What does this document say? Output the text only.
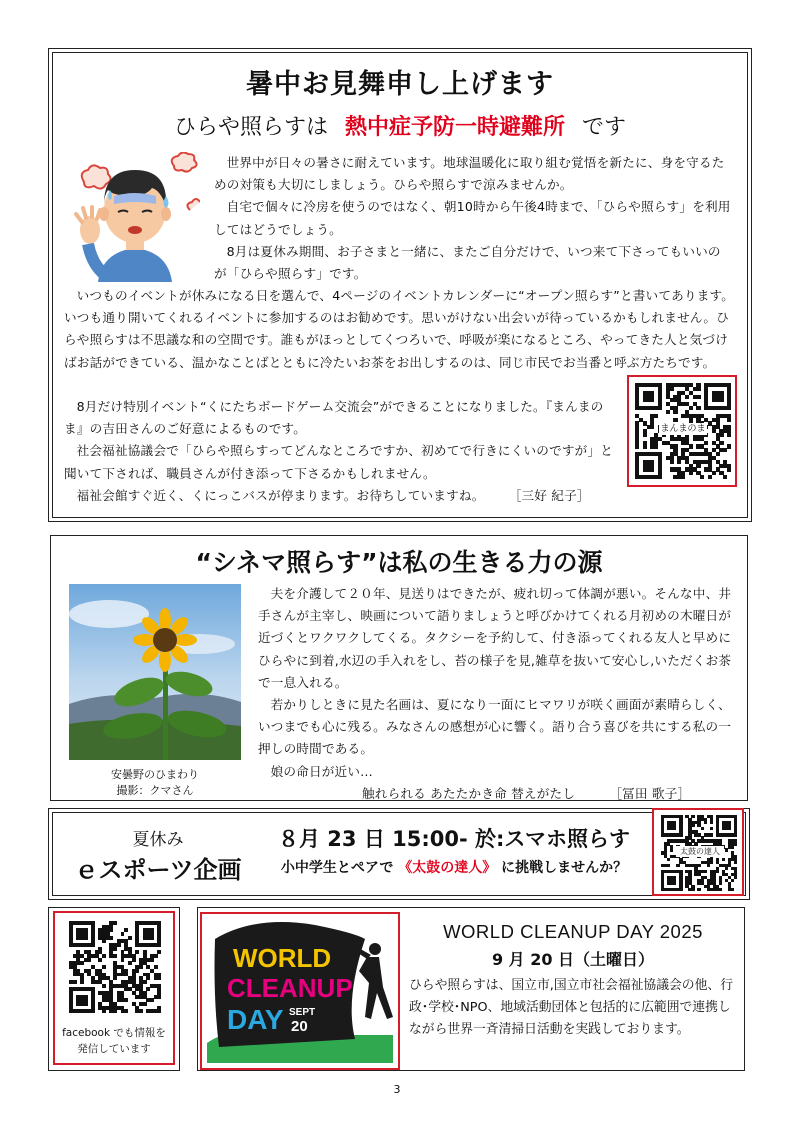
暑中お見舞申し上げます
ひらや照らすは 熱中症予防一時避難所 です

世界中が日々の暑さに耐えています。地球温暖化に取り組む覚悟を新たに、身を守るための対策も大切にしましょう。ひらや照らすで涼みませんか。

自宅で個々に冷房を使うのではなく、朝10時から午後4時まで、「ひらや照らす」を利用してはどうでしょう。

8月は夏休み期間、お子さまと一緒に、またご自分だけで、いつ来て下さってもいいのが「ひらや照らす」です。

いつものイベントが休みになる日を選んで、4ページのイベントカレンダーに“オープン照らす”と書いてあります。いつも通り開いてくれるイベントに参加するのはお勧めです。思いがけない出会いが待っているかもしれません。ひらや照らすは不思議な和の空間です。誰もがほっとしてくつろいで、呼吸が楽になるところ、やってきた人と気づけばお話ができている、温かなことばとともに冷たいお茶をお出しするのは、同じ市民でお当番と呼ぶ方たちです。

8月だけ特別イベント“くにたちボードゲーム交流会”ができることになりました。『まんまのま』の吉田さんのご好意によるものです。

社会福祉協議会で「ひらや照らすってどんなところですか、初めてで行きにくいのですが」と聞いて下されば、職員さんが付き添って下さるかもしれません。

福祉会館すぐ近く、くにっこバスが停まります。お待ちしていますね。 ［三好 紀子］

まんまのま
“シネマ照らす”は私の生きる力の源
安曇野のひまわり
撮影：クマさん

夫を介護して２０年、見送りはできたが、疲れ切って体調が悪い。そんな中、井手さんが主宰し、映画について語りましょうと呼びかけてくれる月初めの木曜日が近づくとワクワクしてくる。タクシーを予約して、付き添ってくれる友人と早めにひらやに到着,水辺の手入れをし、苔の様子を見,雑草を抜いて安心し,いただくお茶で一息入れる。

若かりしときに見た名画は、夏になり一面にヒマワリが咲く画面が素晴らしく、いつまでも心に残る。みなさんの感想が心に響く。語り合う喜びを共にする私の一押しの時間である。

娘の命日が近い…

触れられる あたたかき命 替えがたし	［冨田 歌子］

夏休み
ｅスポーツ企画
８月 23 日 15:00- 於:スマホ照らす
小中学生とペアで 《太鼓の達人》 に挑戦しませんか？
太鼓の達人
facebook でも情報を
発信しています
WORLD
CLEANUP
DAY SEPT
20
WORLD CLEANUP DAY 2025
9 月 20 日（土曜日）
ひらや照らすは、国立市,国立市社会福祉協議会の他、行政･学校･NPO、地域活動団体と包括的に広範囲で連携しながら世界一斉清掃日活動を実践しております。
3
